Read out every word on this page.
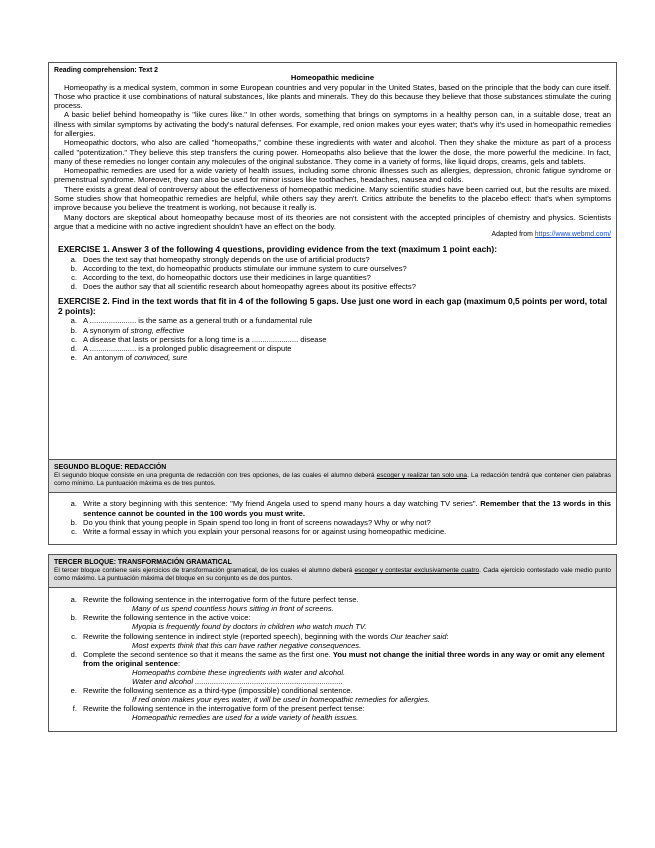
Reading comprehension: Text 2
Homeopathic medicine

Homeopathy is a medical system, common in some European countries and very popular in the United States, based on the principle that the body can cure itself. Those who practice it use combinations of natural substances, like plants and minerals. They do this because they believe that those substances stimulate the curing process.

A basic belief behind homeopathy is "like cures like." In other words, something that brings on symptoms in a healthy person can, in a suitable dose, treat an illness with similar symptoms by activating the body's natural defenses. For example, red onion makes your eyes water; that's why it's used in homeopathic remedies for allergies.

Homeopathic doctors, who also are called "homeopaths," combine these ingredients with water and alcohol. Then they shake the mixture as part of a process called "potentization." They believe this step transfers the curing power. Homeopaths also believe that the lower the dose, the more powerful the medicine. In fact, many of these remedies no longer contain any molecules of the original substance. They come in a variety of forms, like liquid drops, creams, gels and tablets.

Homeopathic remedies are used for a wide variety of health issues, including some chronic illnesses such as allergies, depression, chronic fatigue syndrome or premenstrual syndrome. Moreover, they can also be used for minor issues like toothaches, headaches, nausea and colds.

There exists a great deal of controversy about the effectiveness of homeopathic medicine. Many scientific studies have been carried out, but the results are mixed. Some studies show that homeopathic remedies are helpful, while others say they aren't. Critics attribute the benefits to the placebo effect: that's when symptoms improve because you believe the treatment is working, not because it really is.

Many doctors are skeptical about homeopathy because most of its theories are not consistent with the accepted principles of chemistry and physics. Scientists argue that a medicine with no active ingredient shouldn't have an effect on the body.

Adapted from https://www.webmd.com/
EXERCISE 1. Answer 3 of the following 4 questions, providing evidence from the text (maximum 1 point each):
a. Does the text say that homeopathy strongly depends on the use of artificial products?
b. According to the text, do homeopathic products stimulate our immune system to cure ourselves?
c. According to the text, do homeopathic doctors use their medicines in large quantities?
d. Does the author say that all scientific research about homeopathy agrees about its positive effects?
EXERCISE 2. Find in the text words that fit in 4 of the following 5 gaps. Use just one word in each gap (maximum 0,5 points per word, total 2 points):
a. A ...................... is the same as a general truth or a fundamental rule
b. A synonym of strong, effective
c. A disease that lasts or persists for a long time is a ...................... disease
d. A ...................... is a prolonged public disagreement or dispute
e. An antonym of convinced, sure
SEGUNDO BLOQUE: REDACCIÓN
El segundo bloque consiste en una pregunta de redacción con tres opciones, de las cuales el alumno deberá escoger y realizar tan solo una. La redacción tendrá que contener cien palabras como mínimo. La puntuación máxima es de tres puntos.
a. Write a story beginning with this sentence: "My friend Angela used to spend many hours a day watching TV series". Remember that the 13 words in this sentence cannot be counted in the 100 words you must write.
b. Do you think that young people in Spain spend too long in front of screens nowadays? Why or why not?
c. Write a formal essay in which you explain your personal reasons for or against using homeopathic medicine.
TERCER BLOQUE: TRANSFORMACIÓN GRAMATICAL
El tercer bloque contiene seis ejercicios de transformación gramatical, de los cuales el alumno deberá escoger y contestar exclusivamente cuatro. Cada ejercicio contestado vale medio punto como máximo. La puntuación máxima del bloque en su conjunto es de dos puntos.
a. Rewrite the following sentence in the interrogative form of the future perfect tense.
Many of us spend countless hours sitting in front of screens.
b. Rewrite the following sentence in the active voice:
Myopia is frequently found by doctors in children who watch much TV.
c. Rewrite the following sentence in indirect style (reported speech), beginning with the words Our teacher said:
Most experts think that this can have rather negative consequences.
d. Complete the second sentence so that it means the same as the first one. You must not change the initial three words in any way or omit any element from the original sentence:
Homeopaths combine these ingredients with water and alcohol.
Water and alcohol ......................................................................
e. Rewrite the following sentence as a third-type (impossible) conditional sentence.
If red onion makes your eyes water, it will be used in homeopathic remedies for allergies.
f. Rewrite the following sentence in the interrogative form of the present perfect tense:
Homeopathic remedies are used for a wide variety of health issues.
